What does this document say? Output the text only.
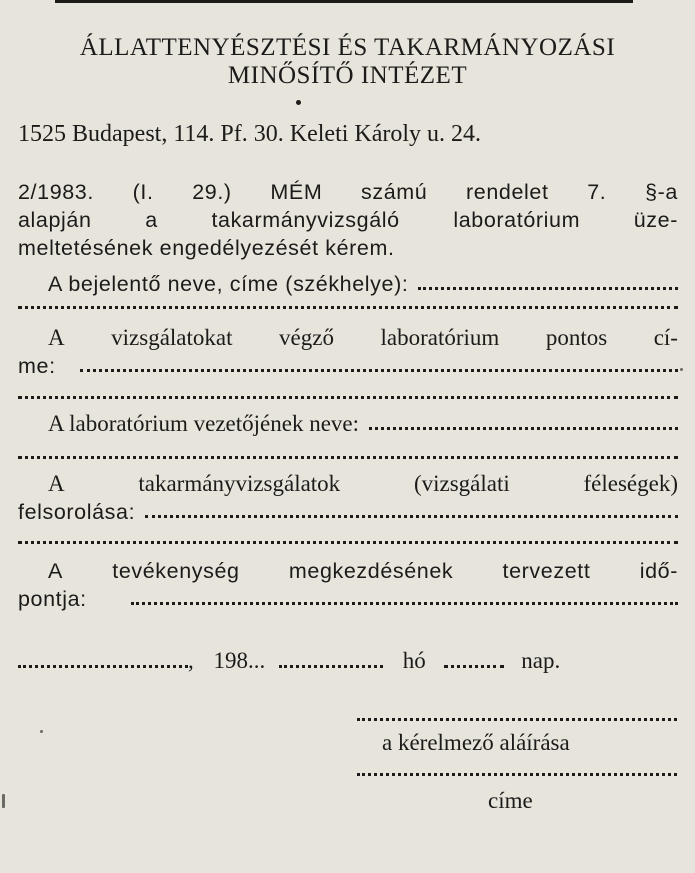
ÁLLATTENYÉSZTÉSI ÉS TAKARMÁNYOZÁSI
MINŐSÍTŐ INTÉZET
1525 Budapest, 114. Pf. 30. Keleti Károly u. 24.
2/1983. (I. 29.) MÉM számú rendelet 7. §-a
alapján a takarmányvizsgáló laboratórium üze-
meltetésének engedélyezését kérem.
A bejelentő neve, címe (székhelye):
A vizsgálatokat végző laboratórium pontos cí-
me:
A laboratórium vezetőjének neve:
A	takarmányvizsgálatok	(vizsgálati	féleségek)
felsorolása:
A tevékenység megkezdésének tervezett idő-
pontja:
, 198...	hó	nap.
a kérelmező aláírása
címe
